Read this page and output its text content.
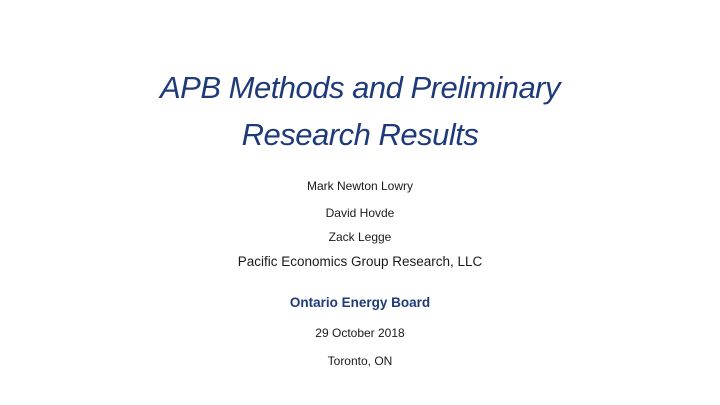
APB Methods and Preliminary
Research Results
Mark Newton Lowry
David Hovde
Zack Legge
Pacific Economics Group Research, LLC
Ontario Energy Board
29 October 2018
Toronto, ON
